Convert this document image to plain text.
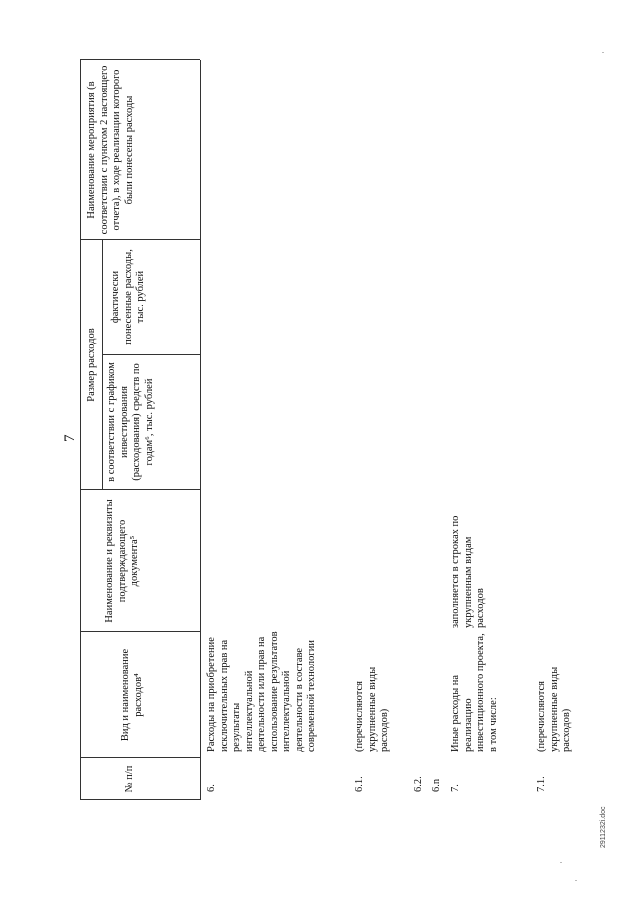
7
№ п/п
Вид и наименование расходов⁴
Наименование и реквизиты подтверждающего документа⁵
Размер расходов в соответствии с графиком инвестирования (расходования) средств по годам⁶, тыс. рублей
фактически понесенные расходы, тыс. рублей
Наименование мероприятия (в соответствии с пунктом 2 настоящего отчета), в ходе реализации которого были понесены расходы
6.
Расходы на приобретение исключительных прав на результаты интеллектуальной деятельности или прав на использование результатов интеллектуальной деятельности в составе современной технологии
6.1.
(перечисляются укрупненные виды расходов)
6.2. 6.n 7.
Иные расходы на реализацию инвестиционного проекта, в том числе:
заполняется в строках по укрупненным видам расходов
7.1.
(перечисляются укрупненные виды расходов)
2911232i.doc
